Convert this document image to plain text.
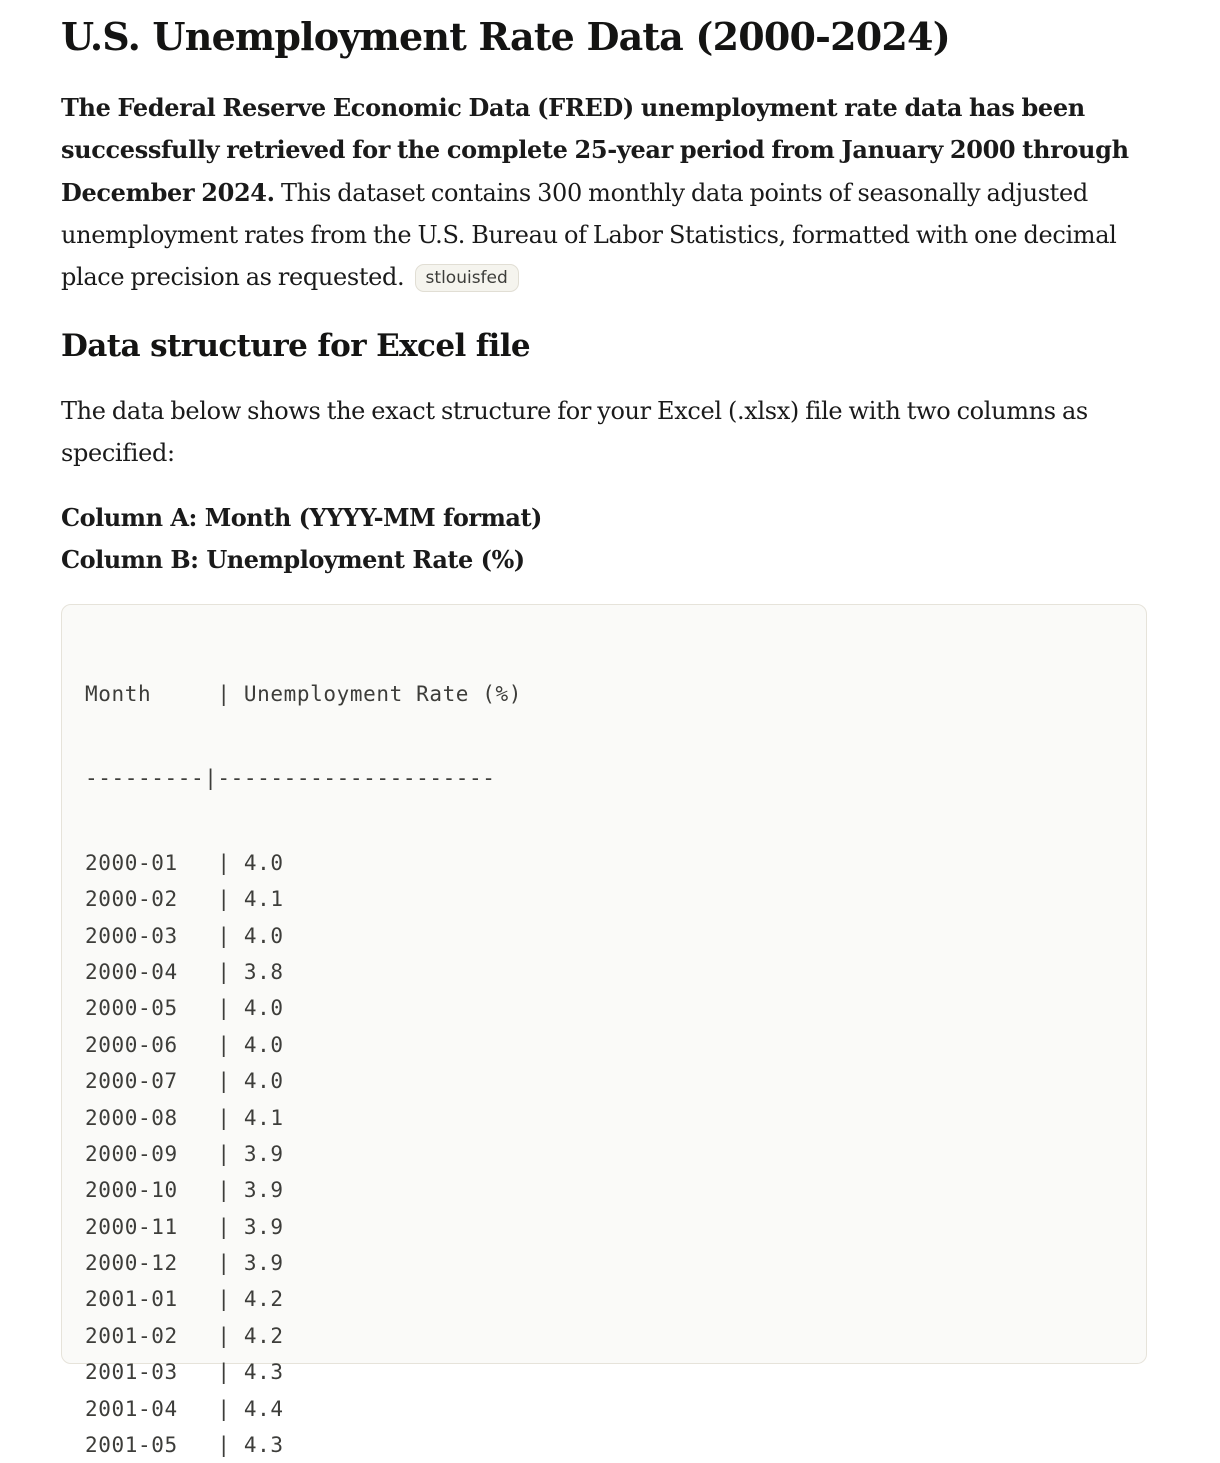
U.S. Unemployment Rate Data (2000-2024)

The Federal Reserve Economic Data (FRED) unemployment rate data has been successfully retrieved for the complete 25-year period from January 2000 through December 2024. This dataset contains 300 monthly data points of seasonally adjusted unemployment rates from the U.S. Bureau of Labor Statistics, formatted with one decimal place precision as requested. stlouisfed

Data structure for Excel file

The data below shows the exact structure for your Excel (.xlsx) file with two columns as specified:

Column A: Month (YYYY-MM format)

Column B: Unemployment Rate (%)

Month     | Unemployment Rate (%)

---------|---------------------

2000-01   | 4.0
2000-02   | 4.1
2000-03   | 4.0
2000-04   | 3.8
2000-05   | 4.0
2000-06   | 4.0
2000-07   | 4.0
2000-08   | 4.1
2000-09   | 3.9
2000-10   | 3.9
2000-11   | 3.9
2000-12   | 3.9
2001-01   | 4.2
2001-02   | 4.2
2001-03   | 4.3
2001-04   | 4.4
2001-05   | 4.3
